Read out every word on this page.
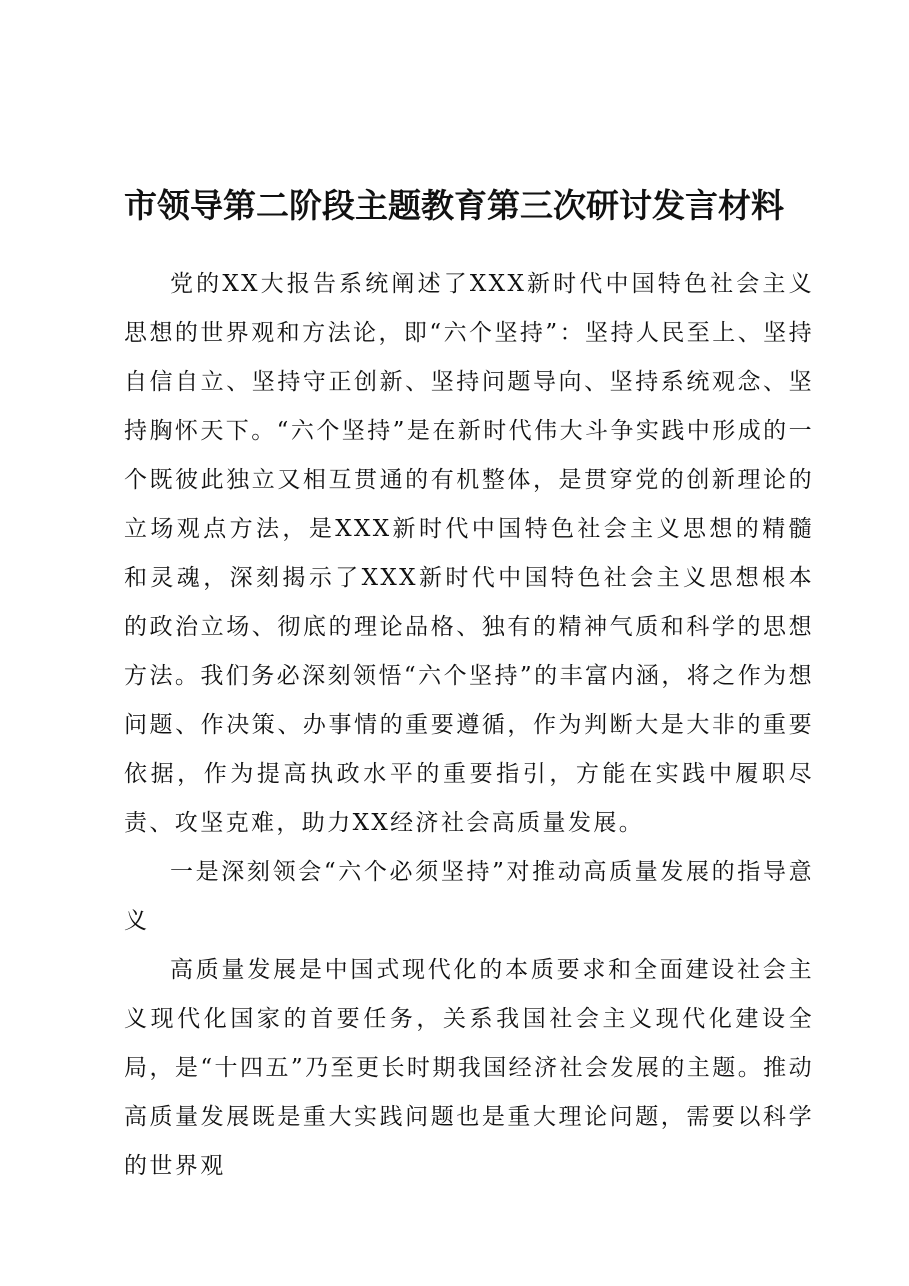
市领导第二阶段主题教育第三次研讨发言材料

党的XX大报告系统阐述了XXX新时代中国特色社会主义思想的世界观和方法论，即“六个坚持”：坚持人民至上、坚持自信自立、坚持守正创新、坚持问题导向、坚持系统观念、坚持胸怀天下。“六个坚持”是在新时代伟大斗争实践中形成的一个既彼此独立又相互贯通的有机整体，是贯穿党的创新理论的立场观点方法，是XXX新时代中国特色社会主义思想的精髓和灵魂，深刻揭示了XXX新时代中国特色社会主义思想根本的政治立场、彻底的理论品格、独有的精神气质和科学的思想方法。我们务必深刻领悟“六个坚持”的丰富内涵，将之作为想问题、作决策、办事情的重要遵循，作为判断大是大非的重要依据，作为提高执政水平的重要指引，方能在实践中履职尽责、攻坚克难，助力XX经济社会高质量发展。

一是深刻领会“六个必须坚持”对推动高质量发展的指导意义

高质量发展是中国式现代化的本质要求和全面建设社会主义现代化国家的首要任务，关系我国社会主义现代化建设全局，是“十四五”乃至更长时期我国经济社会发展的主题。推动高质量发展既是重大实践问题也是重大理论问题，需要以科学的世界观
